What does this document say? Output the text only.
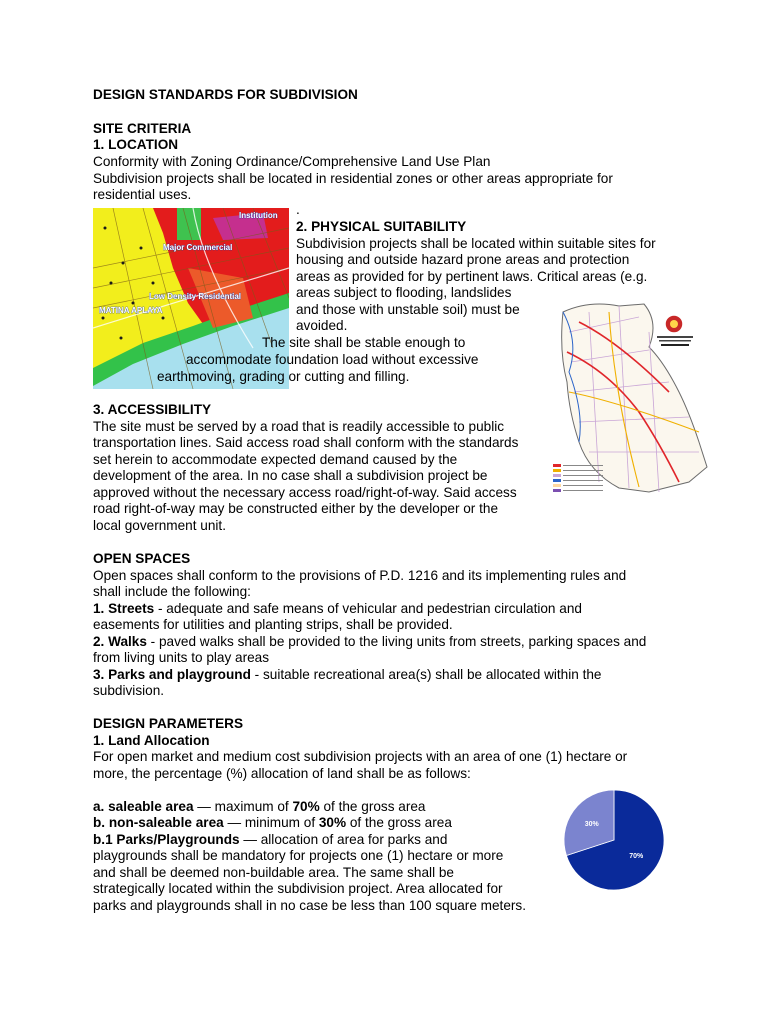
DESIGN STANDARDS FOR SUBDIVISION
SITE CRITERIA
1. LOCATION
Conformity with Zoning Ordinance/Comprehensive Land Use Plan
Subdivision projects shall be located in residential zones or other areas appropriate for
residential uses.
Institution
Major Commercial
Low Density Residential
MATINA APLAYA
.

2. PHYSICAL SUITABILITY

Subdivision projects shall be located within suitable sites for

housing and outside hazard prone areas and protection

areas as provided for by pertinent laws. Critical areas (e.g.

areas subject to flooding, landslides

and those with unstable soil) must be

avoided.

The site shall be stable enough to
accommodate foundation load without excessive
earthmoving, grading or cutting and filling.

3. ACCESSIBILITY

The site must be served by a road that is readily accessible to public

transportation lines. Said access road shall conform with the standards

set herein to accommodate expected demand caused by the

development of the area. In no case shall a subdivision project be

approved without the necessary access road/right-of-way. Said access

road right-of-way may be constructed either by the developer or the

local government unit.

OPEN SPACES

Open spaces shall conform to the provisions of P.D. 1216 and its implementing rules and

shall include the following:

1. Streets - adequate and safe means of vehicular and pedestrian circulation and

easements for utilities and planting strips, shall be provided.

2. Walks - paved walks shall be provided to the living units from streets, parking spaces and

from living units to play areas

3. Parks and playground - suitable recreational area(s) shall be allocated within the

subdivision.

DESIGN PARAMETERS

1. Land Allocation

For open market and medium cost subdivision projects with an area of one (1) hectare or

more, the percentage (%) allocation of land shall be as follows:

a. saleable area — maximum of 70% of the gross area

b. non-saleable area — minimum of 30% of the gross area

b.1 Parks/Playgrounds — allocation of area for parks and

playgrounds shall be mandatory for projects one (1) hectare or more

and shall be deemed non-buildable area. The same shall be

strategically located within the subdivision project. Area allocated for

parks and playgrounds shall in no case be less than 100 square meters.

70%
30%
